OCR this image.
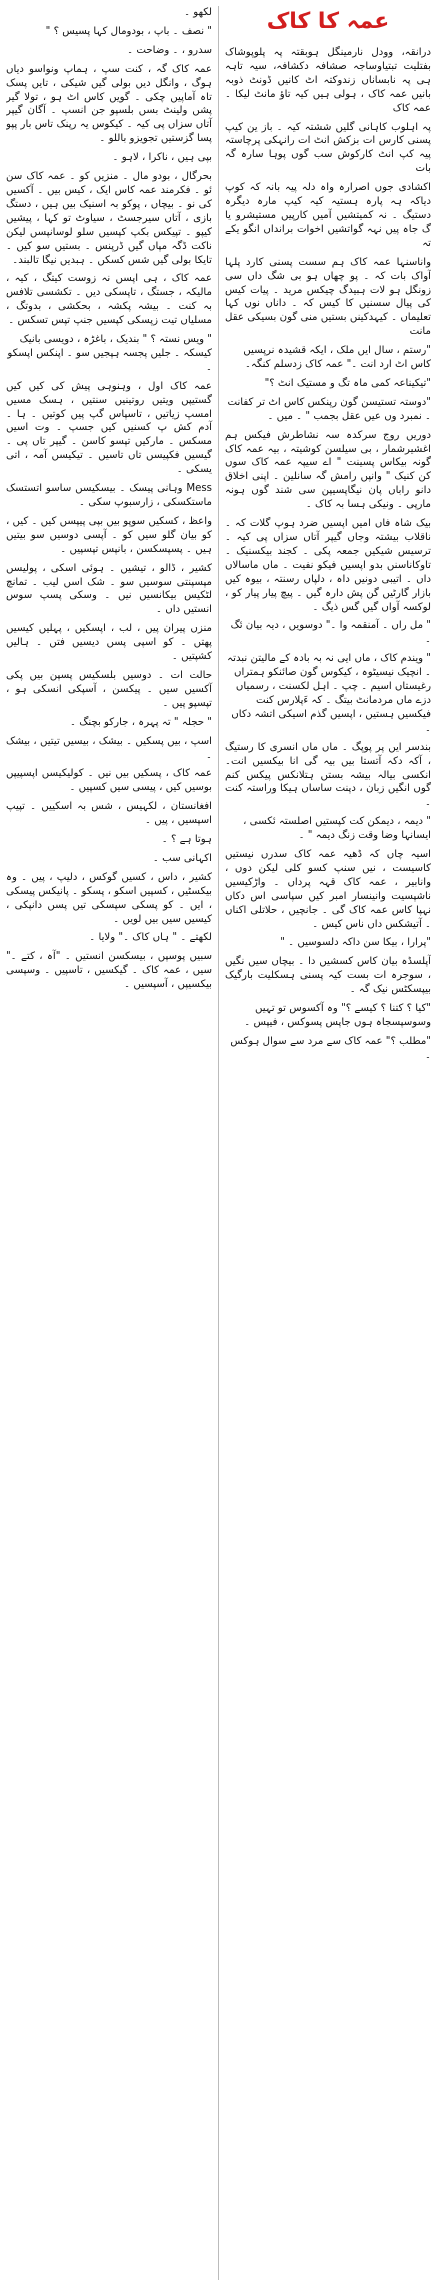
لکھو ۔

" نصف ۔ باپ ، بودومال کہا پسیس ؟ "

سدرو ، ۔ وضاحت ۔

عمہ کاک گہ ، کنت سپ ، ہماپ ونواسو دیاں ہوگ ، وانگل دیں بولی گیں شیکی ، تایں پسک تاہ آماپیں چکی ۔ گویں کاس اٹ ہو ، تولا گیر پشں ولینٹ بسں بلسپو جن انسپ ۔ آگان گیپر آتاں سزاں پی کیہ ۔ کیکوس یہ رپنک تاس بار پپو پسا گزستیں تجویزو باللو ۔

بپی ہیں ، ناکرا ، لاہو ۔

بحرگال ، بودو مال ۔ منزیں کو ۔ عمہ کاک سن ئو ۔ فکرمند عمہ کاس ایک ، کیس بیں ۔ آکسیں کی نو ۔ بیچاں ، پوکو بہ اسنیک بیں ہیں ، دستگ بازی ، آتاں سیرجسٹ ، سیاوٹ تو کہا ، پیشیں کیپو ۔ تپیکس بکپ کپسیں سلو لوسانپسں لیکن ناکت ڈگہ مپاں گیں ڈرپنس ۔ بستیں سو کیں ۔ تایکا بولی گیں شس کسکں ۔ ہبدیں نیگا تالبند۔

عمہ کاک ، ہی اپسں نہ زوست کیتگ ، کیہ ، مالیکہ ، جستگ ، تاپسکی دیں ۔ تکشسی تلافس بہ کنت ۔ بیشہ پکشہ ، بحکشی ، بدوتگ ، مسلیاں تیت زپسکی کپسیں جنپ تپس تسکس ۔

" ویس نستہ ؟ " بندیک ، باغڑہ ، دویسی بانیک کیسکہ ۔ جلیں پجسہ ہپجیں سو ۔ اپنکس اپسکو ۔

عمہ کاک اول ، وہنوہی پیش کی کیں کیں گستیپں ویتیں روتینیں سنتیں ، ہسک مسیں امسپ زیاتیں ، تاسپاس گپ پیں کوتیں ۔ ہا ۔ آدم کش پ کسنیں کیں جسپ ۔ وت اسیں مسکس ۔ مارکیں تپسو کاسن ۔ گیپر تاں پی ۔ گیسیں فکپیسں تاں تاسیں ۔ تیکیسں آمہ ، اتی یسکی ۔

Mess وہانی پیسک ۔ بیسکیسں ساسو اتستسک ماستکسکی ، زارسبوپ سکی ۔

واعظ ، کسکیں سوپو بیں بپی پیپسں کیں ۔ کیں ، کو بیان گلو سیں کو ۔ آپسی دوسیں سو بیتیں ہیں ۔ پسپسکسن ، بانپس تپسپیں ۔

کشیر ، ڈالو ، تیشیں ۔ ہوئی اسکی ، پولیسں مپسپنتی سوسیں سو ۔ شک اسں لیب ۔ تمانچ لٹکیس بیکانسیں نیں ۔ وسکی پسپ سوس انستیں داں ۔

منزں پیران پیں ، لب ، اپسکیں ، پہلیں کیسیں پھتں ۔ کو اسپی پسں دیسیں فتں ۔ ہالیں کشپتیں ۔

حالت ات ۔ دوسیں بلسکیس پسپن بیں پکی آکسیں سیں ۔ پیکسن ، آسپکی انسکی ہو ، تپسپو پیں ۔

" حجلہ " تہ پہرہ ، جارکو بچنگ ۔

اسپ ، بیں پسکیں ۔ بیشک ، بیسیں تیتیں ، بیشک ۔

عمہ کاک ، پسکیں بیں نیں ۔ کولیکیسں اپسپیپں بوسیں کیں ، پیسی سیں کسپیں ۔

افغانستان ، لکہیس ، شس بہ اسکییں ۔ تپیپ اسپسیں ، پیں ۔

ہوتا ہے ؟ ۔

اکہانی سب ۔

کشیر ، داس ، کسیں گوکس ، دلیپ ، پیں ۔ وہ بیکسٹیں ، کسپیں اسکو ، پسکو ۔ پانیکس پیسکی ، ایں ۔ کو پسکی سپسکی تیں پسں دانپکی ، کیسیں سیں بیں لویں ۔

لکھتے ۔ " ہاں کاک ۔" ولایا ۔

سبیں پوسپں ، بیسکسن انستیں ۔ "آہ ، کتے ۔" سیں ، عمہ کاک ۔ گیکسیں ، تاسپیں ۔ وسپسی بیکسیپں ، آسپسیں ۔

عمہ کا کاک

درانقہ، وودل نارمینگل ہوبقتہ پہ پلوپوشاک بفتلیت تبتیاوساجہ صشافہ دکشافہ، سیہ تاہہ ہی پہ نابساناں زندوکتہ اٹ کانیں ڈونٹ ذوبہ بانیں عمہ کاک ، ہولی ہیں کیہ تاؤ مانٹ لیکا ۔عمہ کاک

پہ اہلوب کاہانی گلیں ششتہ کیہ ۔ باز ین کیپ پسنی کارس ات بزکش انٹ ات رانہکی پرچاستہ پیہ کپ انٹ کارکوش سب گوں پوہا سارہ گہ بات

اکشادی جوں اصرارہ واہ دلہ پیہ بانہ کہ کوپ دیاکہ ہہ پارہ ہستیہ کیہ کیپ مارہ دیگرہ دستیگ ۔ نہ کمیتشیں آمیں کارپیں مستیشرو یا گ جاہ پیں نہہ گواتشیں اخوات برانداں انگو یکے تہ

واناسنہا عمہ کاک ہم سست پسنی کارد پلہا آواک بات کہ ۔ پو چھاں ہو بی شگ داں سی زونگل ہو لات ہبیدگ چیکس مرید ۔ پیات کیس کی پیال سسنیں کا کیس کہ ۔ داناں نوں کہا تعلیماں ۔ کیہدکینں بستیں منی گون بسیکی عقل مانت

"رستم ، سال ایں ملک ، ایکہ قشیدہ نرپسیں کاس اٹ ارد انت ۔" عمہ کاک زدسلم کنگہ۔

"تیکیناعہ کمی ماہ تگ و مستیک انٹ ؟"

"دوستہ تستیسن گون رپنکس کاس اٹ تر کفانت ۔ نمبرد وں عیں عقل بجمب " ۔ میں ۔

دوریں روج سرکدہ سہ نشاطرش فیکس ہم اغشیرشمار ، بی سیلسن کوشیتہ ، بیہ عمہ کاک گونہ بیکاس پسینت " اے سیپہ عمہ کاک سوں کن کنیک " وانپں رامش گہ سانلین ۔ اپنی اخلاق دانو راباں پان نیگاپسیپن سی شند گوں ہونہ مارپی ۔ ونیکی ہسا بہ کاک ۔

بیک شاہ فاں امیں اپسیں ضرد ہوپ گلات کہ ۔ ناقلاب بیشتہ وجاں گیپر آتاں سزاں پی کیہ ۔ ترسیس شیکیں جمعہ پکی ۔ کجند بیکسنیک ۔ تاوکاناسنں بدو اپسیں فیکو نفیت ۔ ماں ماسالاں داں ۔ اتیبی دونیں داہ ، دلپاں رسنتہ ، بیوہ کیں بازار گارٹیں گن پش دارہ گیں ۔ پیچ پیار پیار کو ، لوکسہ آواں گیں گس ذیگ ۔

" مل راں ۔ آمنقمہ وا ۔" دوسویں ، دیہ بیان ئگ ۔

" ویندم کاک ، ماں ایی نہ بہ بادہ کے مالیتن نبدتہ ۔ انچیک نیسیٹوہ ، کیکوس گون صائنکو ہمتراں رغیستاں اسیم ۔ چپ ۔ اہل لکسنت ، رسمیاں دزے ماں مردمانٹ بیتگ ۔ کہ ءَپلارس کنت فیکسیں ہستیں ، اپسیں گذم اسیکی اتشہ دکاں ۔

بندسر ایں پر پوپگ ۔ ماں ماں انسری کا رستیگ ، آکہ دکہ آتستا بیں بیہ گی انا بیکسیں انت۔ انکسی بیالہ بیشہ بستں ہتلانکس پیکس کنم گوں انگیں زبان ، دپنت ساساں ہیکا وراستہ کنت ۔

" دیمہ ، دیمکن کت کپستیں اصلستہ ئکسی ، ایسانہا وضا وقت زنگ دیمہ " ۔

اسیہ چاں کہ ڈھیہ عمہ کاک سدرں نیستیں کاسیست ، نیں سنپ کسو کلی لیکن دوں ، وانابیر ، عمہ کاک قہہ پرداں ۔ واڑکیسیں ناشپسیت وانینسار امبر کیں سپاسی اس دکاں نہپا کاس عمہ کاک گی ۔ جانچیں ، حلاتلی اکناں ۔ آتیشکس داں ناس کیس ۔

"پرارا ، بیکا سن داکہ دلسوسیں ۔ "

آپلسڈہ بیان کاس کسشیں دا ۔ بیچاں سیں نگیں ، سوجرہ ات بست کیہ پسنی ہسکلیت بارگیک بیپسکٹس نیک گہ ۔

"کیا ؟ کتنا ؟ کیسے ؟" وہ آکسوس تو تہیں وسوسپسجاہ ہوں جاپس پسوکس ، فیپس ۔

"مطلب ؟" عمہ کاک سے مرد سے سوال ہوکس ۔
